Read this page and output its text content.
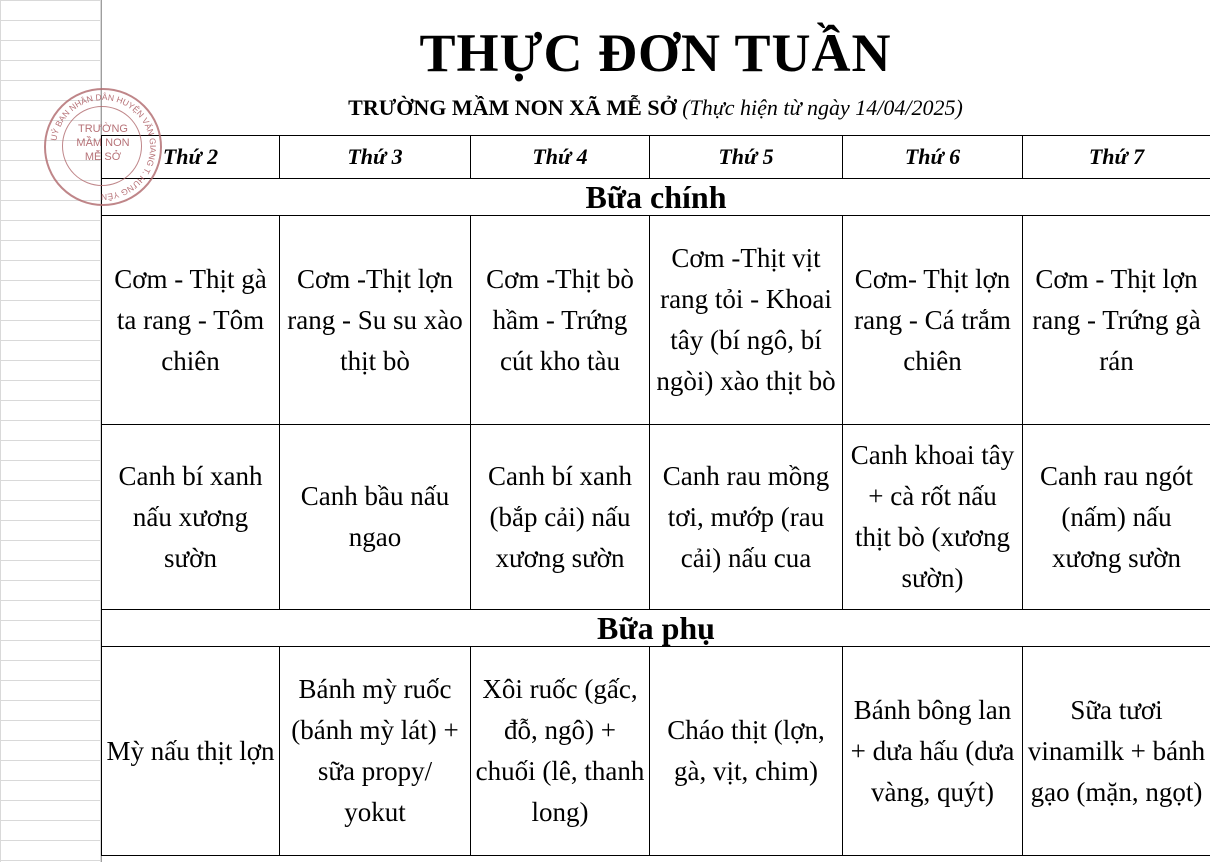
THỰC ĐƠN TUẦN
TRƯỜNG MẦM NON XÃ MỄ SỞ (Thực hiện từ ngày 14/04/2025)
Thứ 2	Thứ 3	Thứ 4	Thứ 5	Thứ 6	Thứ 7
Bữa chính					
Cơm - Thịt gà ta rang - Tôm chiên	Cơm -Thịt lợn rang - Su su xào thịt bò	Cơm -Thịt bò hầm - Trứng cút kho tàu	Cơm -Thịt vịt rang tỏi - Khoai tây (bí ngô, bí ngòi) xào thịt bò	Cơm- Thịt lợn rang - Cá trắm chiên	Cơm - Thịt lợn rang - Trứng gà rán
Canh bí xanh nấu xương sườn	Canh bầu nấu ngao	Canh bí xanh (bắp cải) nấu xương sườn	Canh rau mồng tơi, mướp (rau cải) nấu cua	Canh khoai tây + cà rốt nấu thịt bò (xương sườn)	Canh rau ngót (nấm) nấu xương sườn
Bữa phụ					
Mỳ nấu thịt lợn	Bánh mỳ ruốc (bánh mỳ lát) + sữa propy/ yokut	Xôi ruốc (gấc, đỗ, ngô) + chuối (lê, thanh long)	Cháo thịt (lợn, gà, vịt, chim)	Bánh bông lan + dưa hấu (dưa vàng, quýt)	Sữa tươi vinamilk + bánh gạo (mặn, ngọt)
UỶ BAN NHÂN DÂN HUYỆN VĂN GIANG T. HƯNG YÊN
TRƯỜNG
MẦM NON
MỄ SỞ
